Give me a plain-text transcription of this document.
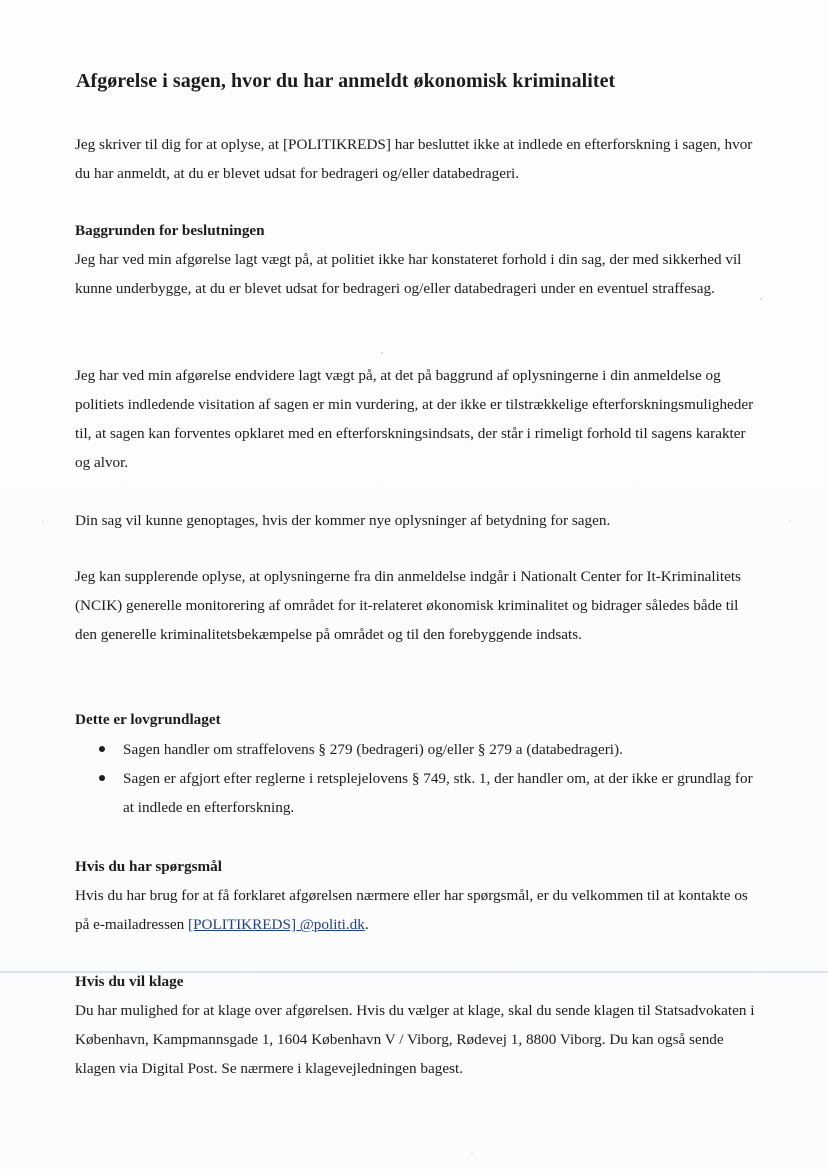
Afgørelse i sagen, hvor du har anmeldt økonomisk kriminalitet

Jeg skriver til dig for at oplyse, at [POLITIKREDS] har besluttet ikke at indlede en efterforskning i sagen, hvor du har anmeldt, at du er blevet udsat for bedrageri og/eller databedrageri.

Baggrunden for beslutningen

Jeg har ved min afgørelse lagt vægt på, at politiet ikke har konstateret forhold i din sag, der med sikkerhed vil kunne underbygge, at du er blevet udsat for bedrageri og/eller databedrageri under en eventuel straffesag.

Jeg har ved min afgørelse endvidere lagt vægt på, at det på baggrund af oplysningerne i din anmeldelse og politiets indledende visitation af sagen er min vurdering, at der ikke er tilstrækkelige efterforskningsmuligheder til, at sagen kan forventes opklaret med en efterforskningsindsats, der står i rimeligt forhold til sagens karakter og alvor.

Din sag vil kunne genoptages, hvis der kommer nye oplysninger af betydning for sagen.

Jeg kan supplerende oplyse, at oplysningerne fra din anmeldelse indgår i Nationalt Center for It-Kriminalitets (NCIK) generelle monitorering af området for it-relateret økonomisk kriminalitet og bidrager således både til den generelle kriminalitetsbekæmpelse på området og til den forebyggende indsats.

Dette er lovgrundlaget
Sagen handler om straffelovens § 279 (bedrageri) og/eller § 279 a (databedrageri).
Sagen er afgjort efter reglerne i retsplejelovens § 749, stk. 1, der handler om, at der ikke er grundlag for at indlede en efterforskning.
Hvis du har spørgsmål

Hvis du har brug for at få forklaret afgørelsen nærmere eller har spørgsmål, er du velkommen til at kontakte os på e-mailadressen [POLITIKREDS] @politi.dk.

Hvis du vil klage

Du har mulighed for at klage over afgørelsen. Hvis du vælger at klage, skal du sende klagen til Statsadvokaten i København, Kampmannsgade 1, 1604 København V / Viborg, Rødevej 1, 8800 Viborg. Du kan også sende klagen via Digital Post. Se nærmere i klagevejledningen bagest.
